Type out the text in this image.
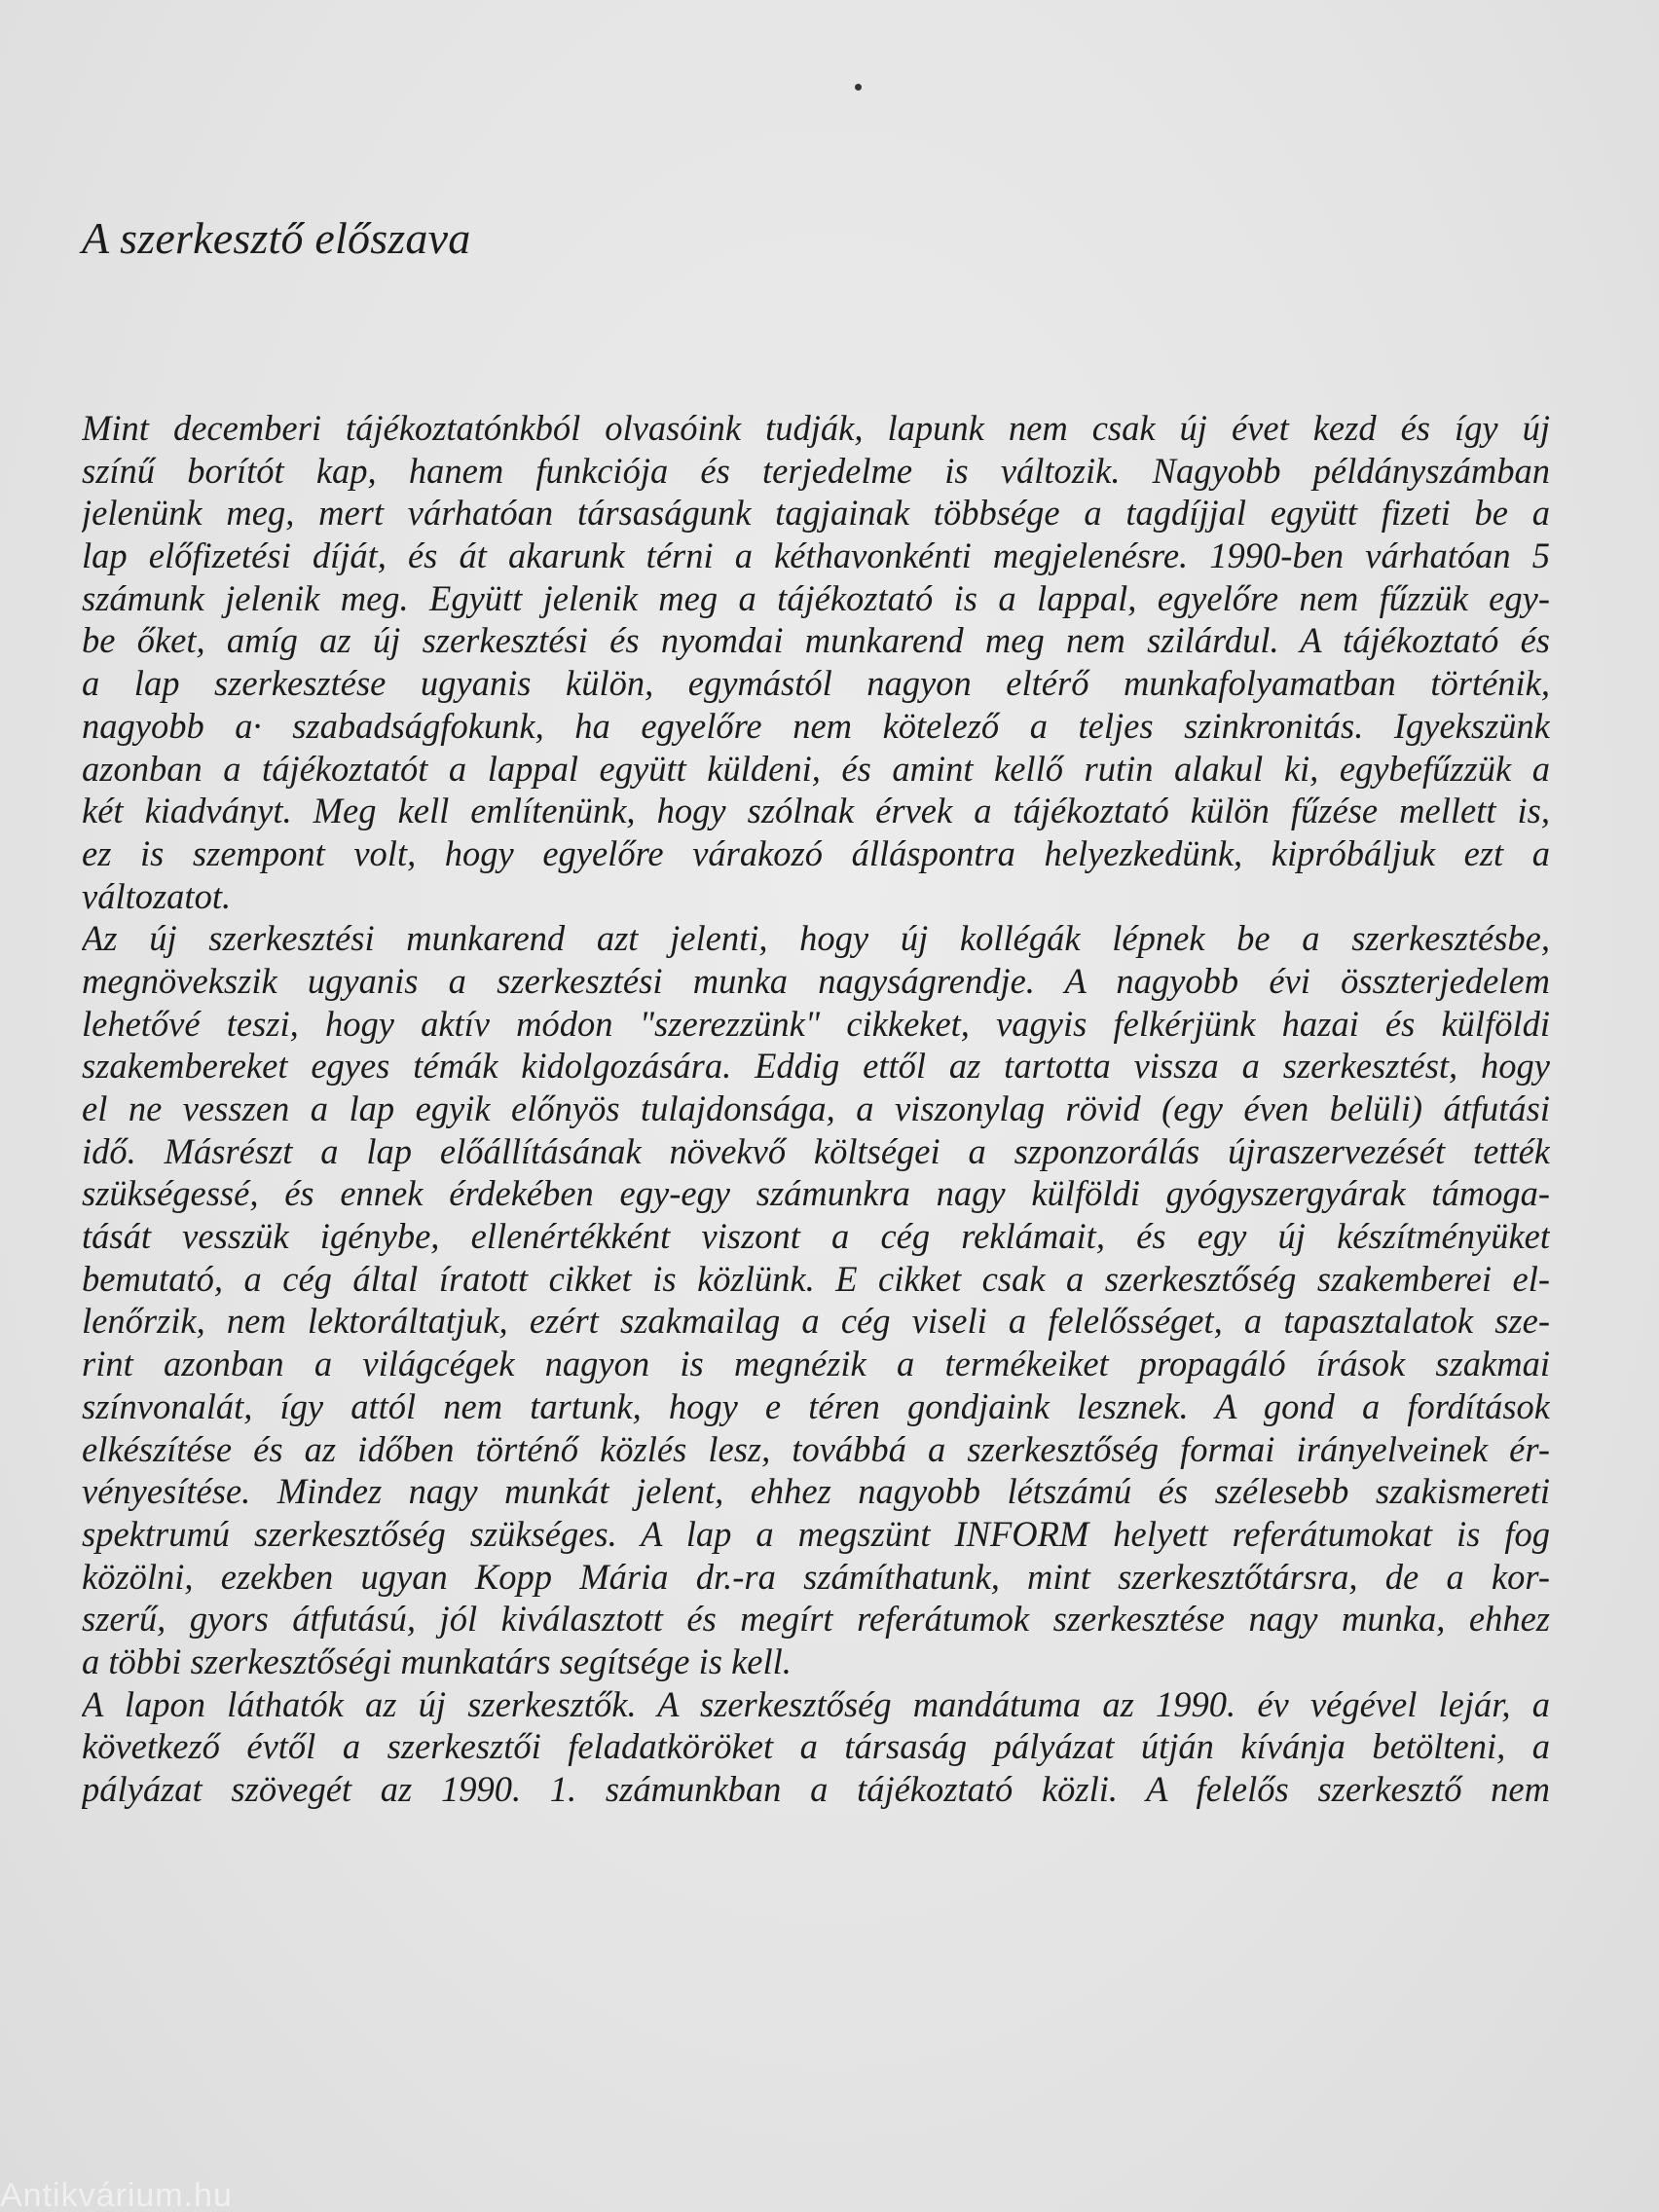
A szerkesztő előszava
Mint decemberi tájékoztatónkból olvasóink tudják, lapunk nem csak új évet kezd és így új
színű borítót kap, hanem funkciója és terjedelme is változik. Nagyobb példányszámban
jelenünk meg, mert várhatóan társaságunk tagjainak többsége a tagdíjjal együtt fizeti be a
lap előfizetési díját, és át akarunk térni a kéthavonkénti megjelenésre. 1990-ben várhatóan 5
számunk jelenik meg. Együtt jelenik meg a tájékoztató is a lappal, egyelőre nem fűzzük egy-
be őket, amíg az új szerkesztési és nyomdai munkarend meg nem szilárdul. A tájékoztató és
a lap szerkesztése ugyanis külön, egymástól nagyon eltérő munkafolyamatban történik,
nagyobb a· szabadságfokunk, ha egyelőre nem kötelező a teljes szinkronitás. Igyekszünk
azonban a tájékoztatót a lappal együtt küldeni, és amint kellő rutin alakul ki, egybefűzzük a
két kiadványt. Meg kell említenünk, hogy szólnak érvek a tájékoztató külön fűzése mellett is,
ez is szempont volt, hogy egyelőre várakozó álláspontra helyezkedünk, kipróbáljuk ezt a
változatot.
Az új szerkesztési munkarend azt jelenti, hogy új kollégák lépnek be a szerkesztésbe,
megnövekszik ugyanis a szerkesztési munka nagyságrendje. A nagyobb évi összterjedelem
lehetővé teszi, hogy aktív módon "szerezzünk" cikkeket, vagyis felkérjünk hazai és külföldi
szakembereket egyes témák kidolgozására. Eddig ettől az tartotta vissza a szerkesztést, hogy
el ne vesszen a lap egyik előnyös tulajdonsága, a viszonylag rövid (egy éven belüli) átfutási
idő. Másrészt a lap előállításának növekvő költségei a szponzorálás újraszervezését tették
szükségessé, és ennek érdekében egy-egy számunkra nagy külföldi gyógyszergyárak támoga-
tását vesszük igénybe, ellenértékként viszont a cég reklámait, és egy új készítményüket
bemutató, a cég által íratott cikket is közlünk. E cikket csak a szerkesztőség szakemberei el-
lenőrzik, nem lektoráltatjuk, ezért szakmailag a cég viseli a felelősséget, a tapasztalatok sze-
rint azonban a világcégek nagyon is megnézik a termékeiket propagáló írások szakmai
színvonalát, így attól nem tartunk, hogy e téren gondjaink lesznek. A gond a fordítások
elkészítése és az időben történő közlés lesz, továbbá a szerkesztőség formai irányelveinek ér-
vényesítése. Mindez nagy munkát jelent, ehhez nagyobb létszámú és szélesebb szakismereti
spektrumú szerkesztőség szükséges. A lap a megszünt INFORM helyett referátumokat is fog
közölni, ezekben ugyan Kopp Mária dr.-ra számíthatunk, mint szerkesztőtársra, de a kor-
szerű, gyors átfutású, jól kiválasztott és megírt referátumok szerkesztése nagy munka, ehhez
a többi szerkesztőségi munkatárs segítsége is kell.
A lapon láthatók az új szerkesztők. A szerkesztőség mandátuma az 1990. év végével lejár, a
következő évtől a szerkesztői feladatköröket a társaság pályázat útján kívánja betölteni, a
pályázat szövegét az 1990. 1. számunkban a tájékoztató közli. A felelős szerkesztő nem
Antikvárium.hu
